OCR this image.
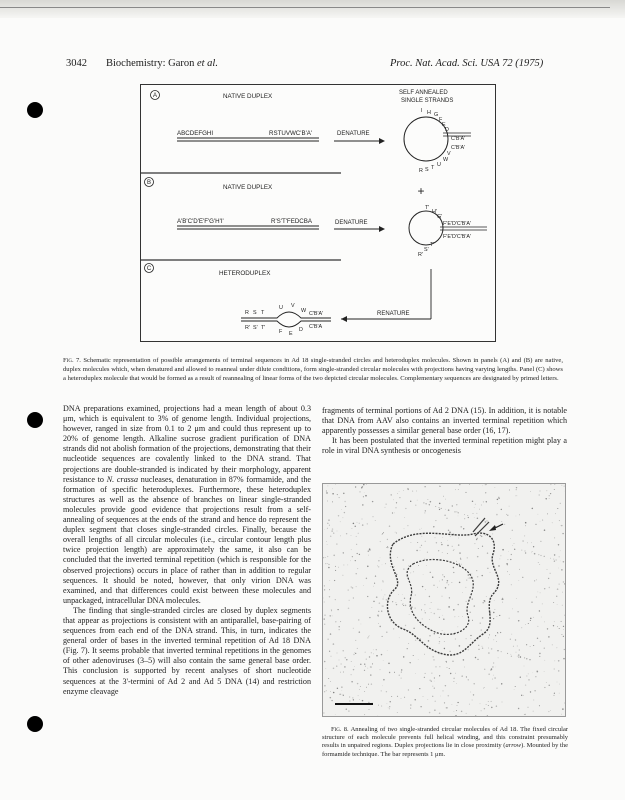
3042 Biochemistry: Garon et al.	Proc. Nat. Acad. Sci. USA 72 (1975)
A	NATIVE DUPLEX	SELF ANNEALED
SINGLE STRANDS
ABCDEFGHI	RSTUVWC'B'A'	DENATURE
I H G
F
E
D
C'B'A'
C'B'A'
V
W
R S T U
+
B
NATIVE DUPLEX
A'B'C'D'E'F'G'H'I'	R'S'T'FEDCBA	DENATURE
T'
H'
G'
F'E'D'C'B'A'
F'E'D'C'B'A'
R'
S'
T'
C
HETERODUPLEX
RENATURE
R S T
U V
W C'B'A'
R' S' T'
F E
D C'B'A
Fig. 7. Schematic representation of possible arrangements of terminal sequences in Ad 18 single-stranded circles and heteroduplex molecules. Shown in panels (A) and (B) are native, duplex molecules which, when denatured and allowed to reanneal under dilute conditions, form single-stranded circular molecules with projections having varying lengths. Panel (C) shows a heteroduplex molecule that would be formed as a result of reannealing of linear forms of the two depicted circular molecules. Complementary sequences are designated by primed letters.

DNA preparations examined, projections had a mean length of about 0.3 μm, which is equivalent to 3% of genome length. Individual projections, however, ranged in size from 0.1 to 2 μm and could thus represent up to 20% of genome length. Alkaline sucrose gradient purification of DNA strands did not abolish formation of the projections, demonstrating that their nucleotide sequences are covalently linked to the DNA strand. That projections are double-stranded is indicated by their morphology, apparent resistance to N. crassa nucleases, denaturation in 87% formamide, and the formation of specific heteroduplexes. Furthermore, these heteroduplex structures as well as the absence of branches on linear single-stranded molecules provide good evidence that projections result from a self-annealing of sequences at the ends of the strand and hence do represent the duplex segment that closes single-stranded circles. Finally, because the overall lengths of all circular molecules (i.e., circular contour length plus twice projection length) are approximately the same, it also can be concluded that the inverted terminal repetition (which is responsible for the observed projections) occurs in place of rather than in addition to regular sequences. It should be noted, however, that only virion DNA was examined, and that differences could exist between these molecules and unpackaged, intracellular DNA molecules.

The finding that single-stranded circles are closed by duplex segments that appear as projections is consistent with an antiparallel, base-pairing of sequences from each end of the DNA strand. This, in turn, indicates the general order of bases in the inverted terminal repetition of Ad 18 DNA (Fig. 7). It seems probable that inverted terminal repetitions in the genomes of other adenoviruses (3–5) will also contain the same general base order. This conclusion is supported by recent analyses of short nucleotide sequences at the 3'-termini of Ad 2 and Ad 5 DNA (14) and restriction enzyme cleavage

fragments of terminal portions of Ad 2 DNA (15). In addition, it is notable that DNA from AAV also contains an inverted terminal repetition which apparently possesses a similar general base order (16, 17).

It has been postulated that the inverted terminal repetition might play a role in viral DNA synthesis or oncogenesis

Fig. 8. Annealing of two single-stranded circular molecules of Ad 18. The fixed circular structure of each molecule prevents full helical winding, and this constraint presumably results in unpaired regions. Duplex projections lie in close proximity (arrow). Mounted by the formamide technique. The bar represents 1 μm.
